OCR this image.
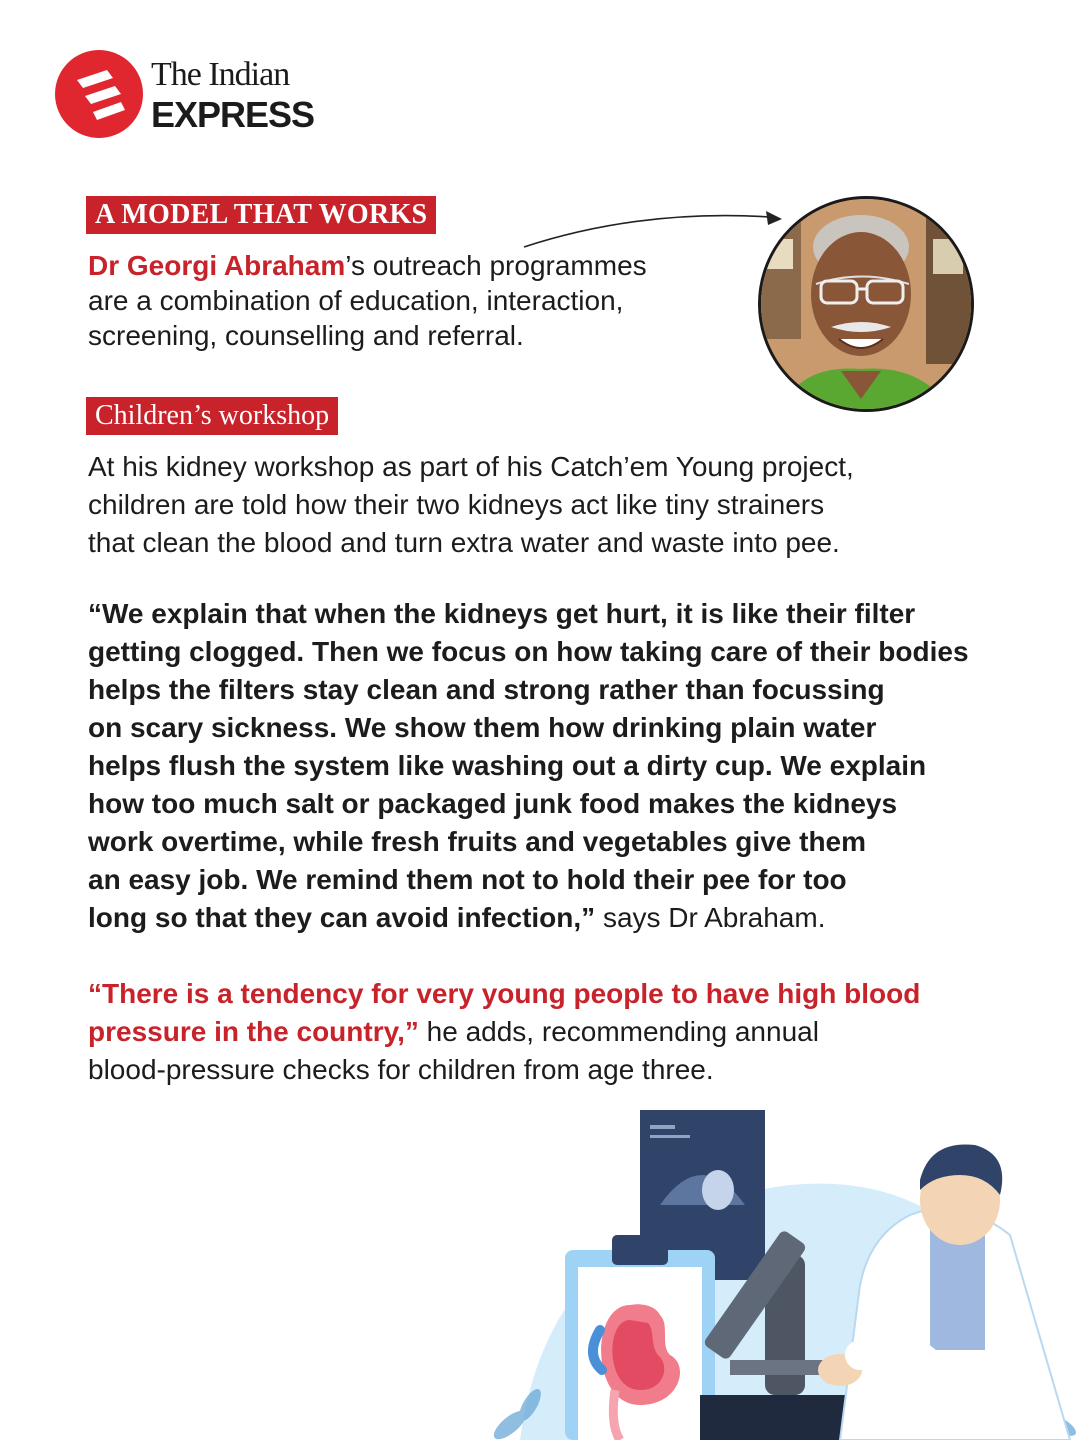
The Indian
EXPRESS
A MODEL THAT WORKS

Dr Georgi Abraham’s outreach programmes
are a combination of education, interaction,
screening, counselling and referral.

Children’s workshop

At his kidney workshop as part of his Catch’em Young project,
children are told how their two kidneys act like tiny strainers
that clean the blood and turn extra water and waste into pee.

“We explain that when the kidneys get hurt, it is like their filter
getting clogged. Then we focus on how taking care of their bodies
helps the filters stay clean and strong rather than focussing
on scary sickness. We show them how drinking plain water
helps flush the system like washing out a dirty cup. We explain
how too much salt or packaged junk food makes the kidneys
work overtime, while fresh fruits and vegetables give them
an easy job. We remind them not to hold their pee for too
long so that they can avoid infection,” says Dr Abraham.

“There is a tendency for very young people to have high blood
pressure in the country,” he adds, recommending annual
blood-pressure checks for children from age three.
